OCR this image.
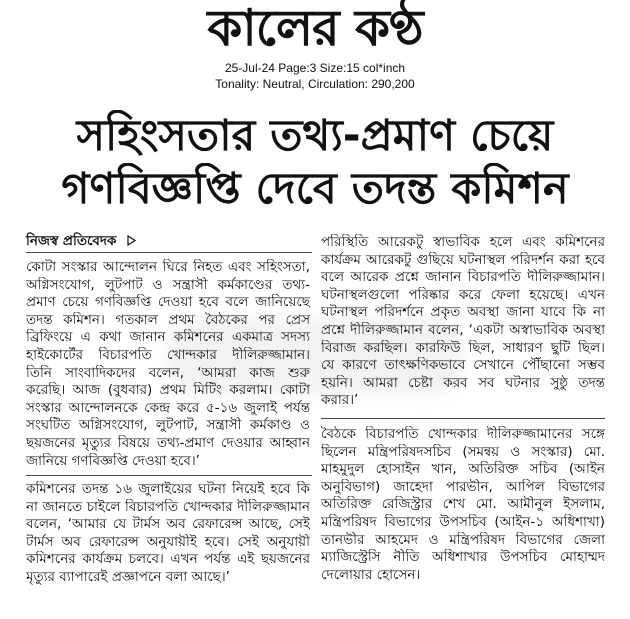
কালের কণ্ঠ
25-Jul-24 Page:3 Size:15 col*inch
Tonality: Neutral, Circulation: 290,200
সহিংসতার তথ্য-প্রমাণ চেয়ে
গণবিজ্ঞপ্তি দেবে তদন্ত কমিশন
নিজস্ব প্রতিবেদক
কোটা সংস্কার আন্দোলন ঘিরে নিহত এবং সহিংসতা,
অগ্নিসংযোগ, লুটপাট ও সন্ত্রাসী কর্মকাণ্ডের তথ্য-
প্রমাণ চেয়ে গণবিজ্ঞপ্তি দেওয়া হবে বলে জানিয়েছে
তদন্ত কমিশন। গতকাল প্রথম বৈঠকের পর প্রেস
ব্রিফিংয়ে এ কথা জানান কমিশনের একমাত্র সদস্য
হাইকোর্টের বিচারপতি খোন্দকার দীলিরুজ্জামান।
তিনি সাংবাদিকদের বলেন, ‘আমরা কাজ শুরু
করেছি। আজ (বুধবার) প্রথম মিটিং করলাম। কোটা
সংস্কার আন্দোলনকে কেন্দ্র করে ৫-১৬ জুলাই পর্যন্ত
সংঘটিত অগ্নিসংযোগ, লুটপাট, সন্ত্রাসী কর্মকাণ্ড ও
ছয়জনের মৃত্যুর বিষয়ে তথ্য-প্রমাণ দেওয়ার আহ্বান
জানিয়ে গণবিজ্ঞপ্তি দেওয়া হবে।’
কমিশনের তদন্ত ১৬ জুলাইয়ের ঘটনা নিয়েই হবে কি
না জানতে চাইলে বিচারপতি খোন্দকার দীলিরুজ্জামান
বলেন, ‘আমার যে টার্মস অব রেফারেন্স আছে, সেই
টার্মস অব রেফারেন্স অনুযায়ীই হবে। সেই অনুযায়ী
কমিশনের কার্যক্রম চলবে। এখন পর্যন্ত এই ছয়জনের
মৃত্যুর ব্যাপারেই প্রজ্ঞাপনে বলা আছে।’
পরিস্থিতি আরেকটু স্বাভাবিক হলে এবং কমিশনের
কার্যক্রম আরেকটু গুছিয়ে ঘটনাস্থল পরিদর্শন করা হবে
বলে আরেক প্রশ্নে জানান বিচারপতি দীলিরুজ্জামান।
ঘটনাস্থলগুলো পরিষ্কার করে ফেলা হয়েছে। এখন
ঘটনাস্থল পরিদর্শনে প্রকৃত অবস্থা জানা যাবে কি না
প্রশ্নে দীলিরুজ্জামান বলেন, ‘একটা অস্বাভাবিক অবস্থা
বিরাজ করছিল। কারফিউ ছিল, সাধারণ ছুটি ছিল।
যে কারণে তাৎক্ষণিকভাবে সেখানে পৌঁছানো সম্ভব
হয়নি। আমরা চেষ্টা করব সব ঘটনার সুষ্ঠু তদন্ত
করার।’
বৈঠকে বিচারপতি খোন্দকার দীলিরুজ্জামানের সঙ্গে
ছিলেন মন্ত্রিপরিষদসচিব (সমন্বয় ও সংস্কার) মো.
মাহমুদুল হোসাইন খান, অতিরিক্ত সচিব (আইন
অনুবিভাগ) জাহেদা পারভীন, আপিল বিভাগের
অতিরিক্ত রেজিস্ট্রার শেখ মো. আমীনুল ইসলাম,
মন্ত্রিপরিষদ বিভাগের উপসচিব (আইন-১ অধিশাখা)
তানভীর আহমেদ ও মন্ত্রিপরিষদ বিভাগের জেলা
ম্যাজিস্ট্রেসি নীতি অধিশাখার উপসচিব মোহাম্মদ
দেলোয়ার হোসেন।
